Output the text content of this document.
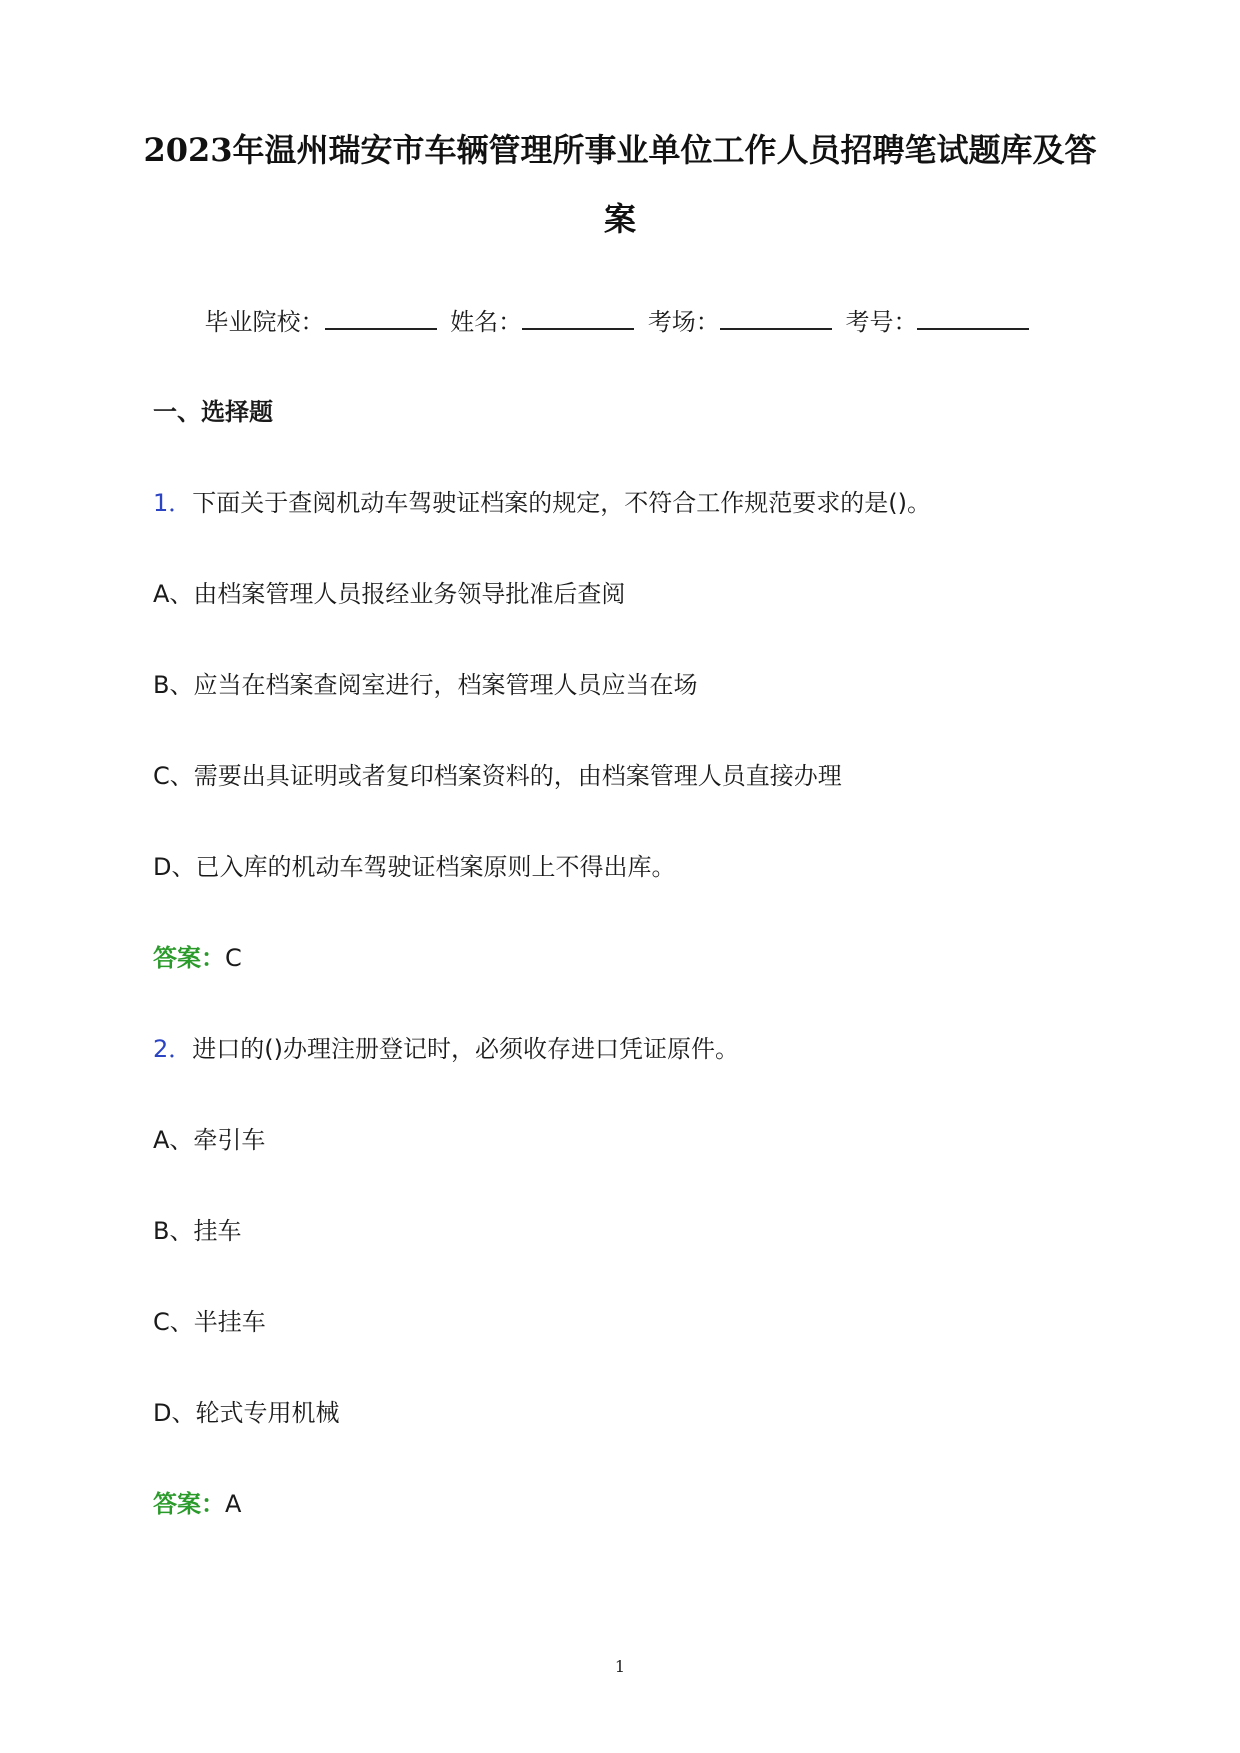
2023年温州瑞安市车辆管理所事业单位工作人员招聘笔试题库及答
案
毕业院校：	姓名：	考场：	考号：
一、选择题
1．下面关于查阅机动车驾驶证档案的规定，不符合工作规范要求的是()。
A、由档案管理人员报经业务领导批准后查阅
B、应当在档案查阅室进行，档案管理人员应当在场
C、需要出具证明或者复印档案资料的，由档案管理人员直接办理
D、已入库的机动车驾驶证档案原则上不得出库。
答案：C
2．进口的()办理注册登记时，必须收存进口凭证原件。
A、牵引车
B、挂车
C、半挂车
D、轮式专用机械
答案：A
1
